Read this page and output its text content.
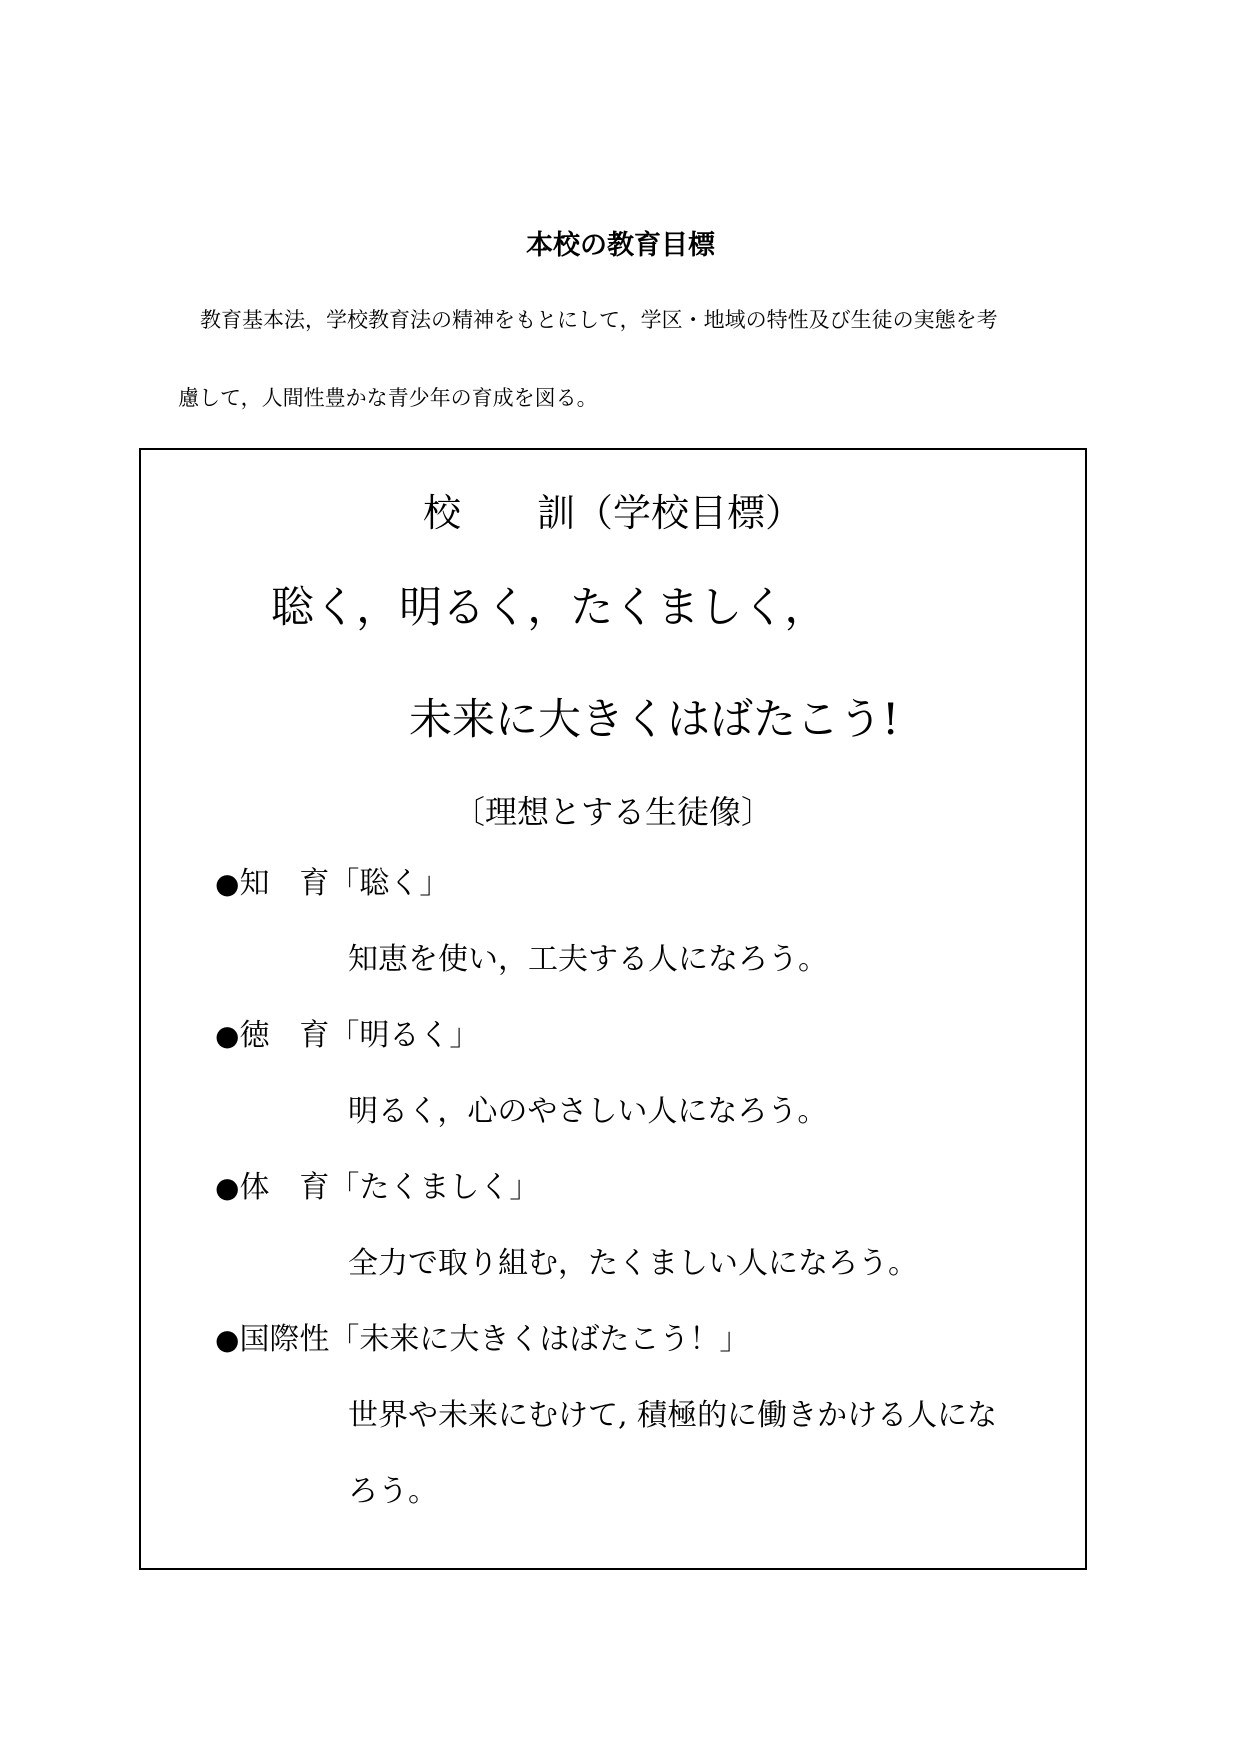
本校の教育目標

教育基本法，学校教育法の精神をもとにして，学区・地域の特性及び生徒の実態を考

慮して，人間性豊かな青少年の育成を図る。

校 訓（学校目標）

聡く，明るく，たくましく，

未来に大きくはばたこう!

〔理想とする生徒像〕

●知　育「聡く」

知恵を使い，工夫する人になろう。

●徳　育「明るく」

明るく，心のやさしい人になろう。

●体　育「たくましく」

全力で取り組む，たくましい人になろう。

●国際性「未来に大きくはばたこう！」

世界や未来にむけて, 積極的に働きかける人にな

ろう。
